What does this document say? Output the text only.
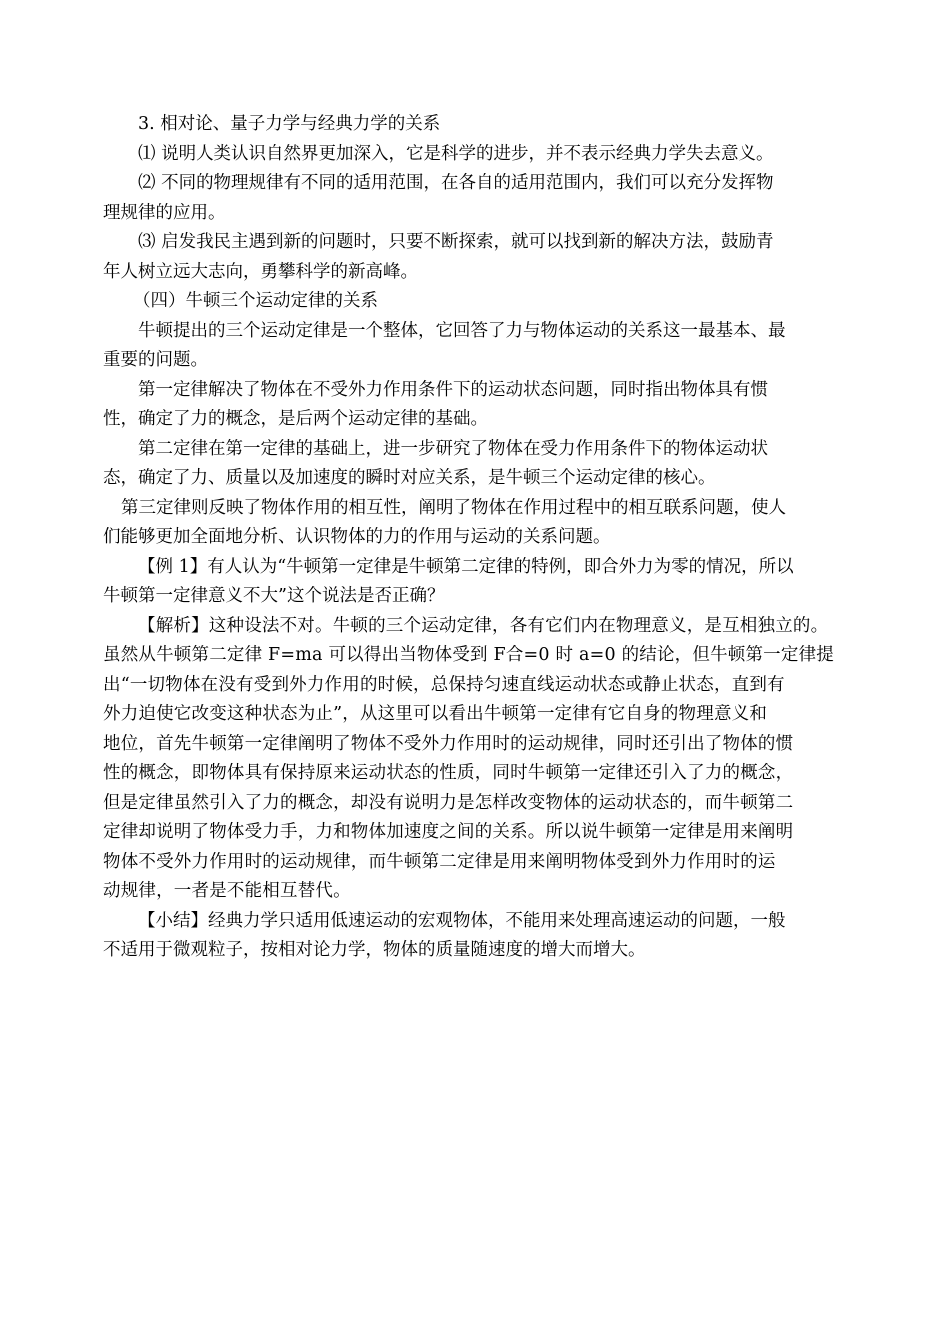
3. 相对论、量子力学与经典力学的关系
⑴ 说明人类认识自然界更加深入，它是科学的进步，并不表示经典力学失去意义。
⑵ 不同的物理规律有不同的适用范围，在各自的适用范围内，我们可以充分发挥物
理规律的应用。
⑶ 启发我民主遇到新的问题时，只要不断探索，就可以找到新的解决方法，鼓励青
年人树立远大志向，勇攀科学的新高峰。
（四）牛顿三个运动定律的关系
牛顿提出的三个运动定律是一个整体，它回答了力与物体运动的关系这一最基本、最
重要的问题。
第一定律解决了物体在不受外力作用条件下的运动状态问题，同时指出物体具有惯
性，确定了力的概念，是后两个运动定律的基础。
第二定律在第一定律的基础上，进一步研究了物体在受力作用条件下的物体运动状
态，确定了力、质量以及加速度的瞬时对应关系，是牛顿三个运动定律的核心。
第三定律则反映了物体作用的相互性，阐明了物体在作用过程中的相互联系问题，使人
们能够更加全面地分析、认识物体的力的作用与运动的关系问题。
【例 1】有人认为“牛顿第一定律是牛顿第二定律的特例，即合外力为零的情况，所以
牛顿第一定律意义不大”这个说法是否正确？
【解析】这种设法不对。牛顿的三个运动定律，各有它们内在物理意义，是互相独立的。
虽然从牛顿第二定律 F=ma 可以得出当物体受到 F合=0 时 a=0 的结论，但牛顿第一定律提
出“一切物体在没有受到外力作用的时候，总保持匀速直线运动状态或静止状态，直到有
外力迫使它改变这种状态为止”，从这里可以看出牛顿第一定律有它自身的物理意义和
地位，首先牛顿第一定律阐明了物体不受外力作用时的运动规律，同时还引出了物体的惯
性的概念，即物体具有保持原来运动状态的性质，同时牛顿第一定律还引入了力的概念，
但是定律虽然引入了力的概念，却没有说明力是怎样改变物体的运动状态的，而牛顿第二
定律却说明了物体受力手，力和物体加速度之间的关系。所以说牛顿第一定律是用来阐明
物体不受外力作用时的运动规律，而牛顿第二定律是用来阐明物体受到外力作用时的运
动规律，一者是不能相互替代。
【小结】经典力学只适用低速运动的宏观物体，不能用来处理高速运动的问题，一般
不适用于微观粒子，按相对论力学，物体的质量随速度的增大而增大。
